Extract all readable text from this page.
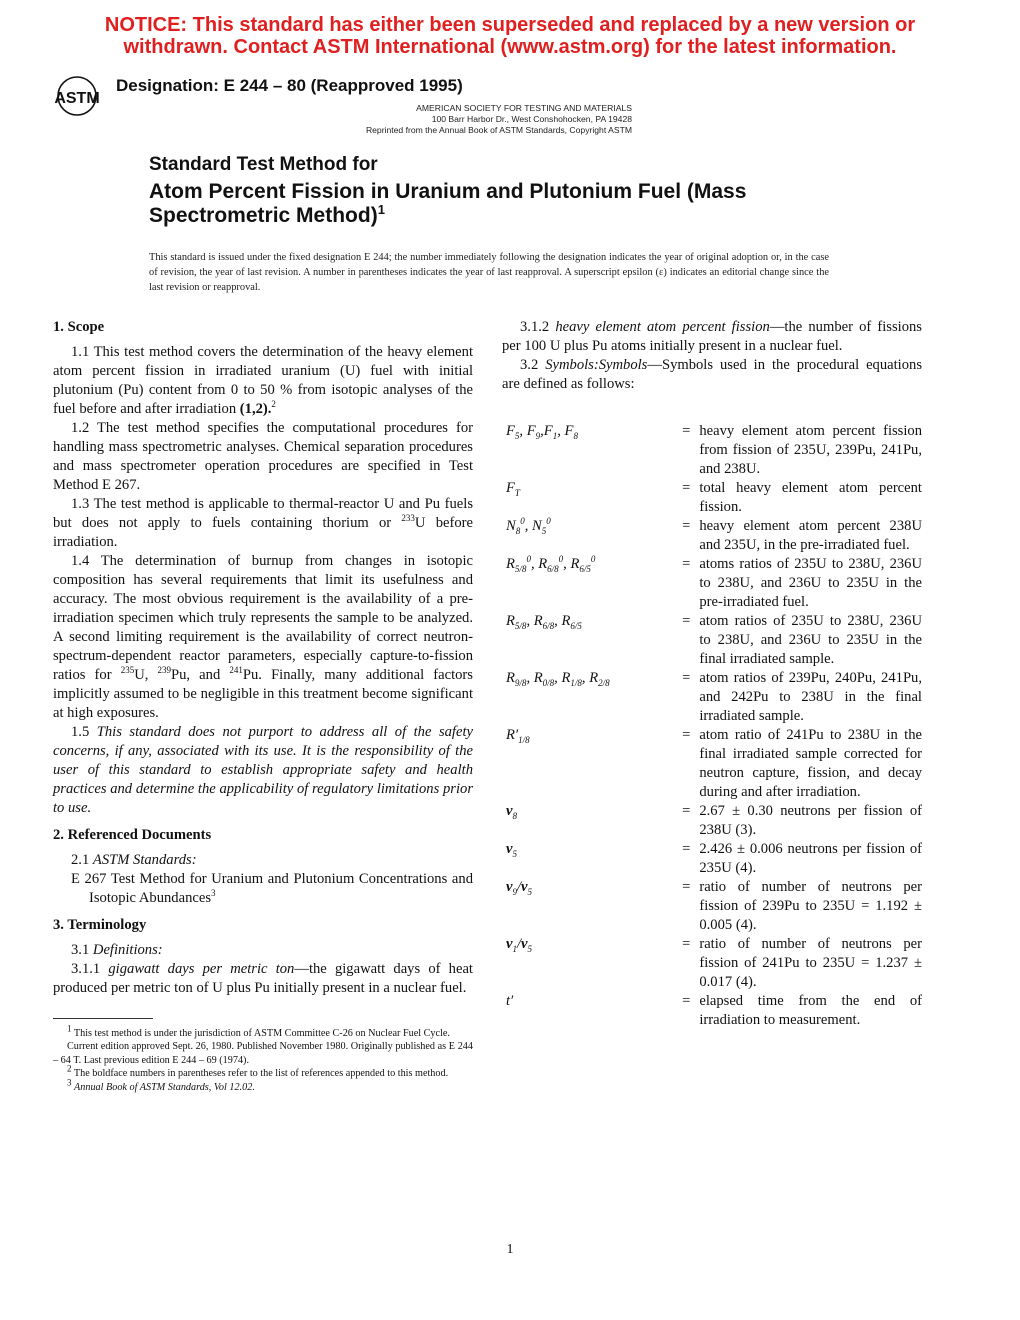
NOTICE: This standard has either been superseded and replaced by a new version or
withdrawn. Contact ASTM International (www.astm.org) for the latest information.
ASTM
Designation: E 244 – 80 (Reapproved 1995)
AMERICAN SOCIETY FOR TESTING AND MATERIALS
100 Barr Harbor Dr., West Conshohocken, PA 19428
Reprinted from the Annual Book of ASTM Standards, Copyright ASTM
Standard Test Method for
Atom Percent Fission in Uranium and Plutonium Fuel (Mass Spectrometric Method)$^1$
This standard is issued under the fixed designation E 244; the number immediately following the designation indicates the year of original adoption or, in the case of revision, the year of last revision. A number in parentheses indicates the year of last reapproval. A superscript epsilon (ε) indicates an editorial change since the last revision or reapproval.
1. Scope

1.1 This test method covers the determination of the heavy element atom percent fission in irradiated uranium (U) fuel with initial plutonium (Pu) content from 0 to 50 % from isotopic analyses of the fuel before and after irradiation (1,2).$^2$

1.2 The test method specifies the computational procedures for handling mass spectrometric analyses. Chemical separation procedures and mass spectrometer operation procedures are specified in Test Method E 267.

1.3 The test method is applicable to thermal-reactor U and Pu fuels but does not apply to fuels containing thorium or $^{233}$U before irradiation.

1.4 The determination of burnup from changes in isotopic composition has several requirements that limit its usefulness and accuracy. The most obvious requirement is the availability of a pre-irradiation specimen which truly represents the sample to be analyzed. A second limiting requirement is the availability of correct neutron-spectrum-dependent reactor parameters, especially capture-to-fission ratios for $^{235}$U, $^{239}$Pu, and $^{241}$Pu. Finally, many additional factors implicitly assumed to be negligible in this treatment become significant at high exposures.

1.5 This standard does not purport to address all of the safety concerns, if any, associated with its use. It is the responsibility of the user of this standard to establish appropriate safety and health practices and determine the applicability of regulatory limitations prior to use.

2. Referenced Documents

2.1 ASTM Standards:

E 267 Test Method for Uranium and Plutonium Concentrations and Isotopic Abundances$^3$

3. Terminology

3.1 Definitions:

3.1.1 gigawatt days per metric ton—the gigawatt days of heat produced per metric ton of U plus Pu initially present in a nuclear fuel.

$^1$ This test method is under the jurisdiction of ASTM Committee C-26 on Nuclear Fuel Cycle.

Current edition approved Sept. 26, 1980. Published November 1980. Originally published as E 244 – 64 T. Last previous edition E 244 – 69 (1974).

$^2$ The boldface numbers in parentheses refer to the list of references appended to this method.

$^3$ Annual Book of ASTM Standards, Vol 12.02.

3.1.2 heavy element atom percent fission—the number of fissions per 100 U plus Pu atoms initially present in a nuclear fuel.

3.2 Symbols:Symbols—Symbols used in the procedural equations are defined as follows:

$F_5$, $F_9,F_1$, $F_8$	=	heavy element atom percent fission from fission of 235U, 239Pu, 241Pu, and 238U.
$F_T$	=	total heavy element atom percent fission.
$N_8^0$, $N_5^0$	=	heavy element atom percent 238U and 235U, in the pre-irradiated fuel.
$R_{5/8}^0$, $R_{6/8}^0$, $R_{6/5}^0$	=	atoms ratios of 235U to 238U, 236U to 238U, and 236U to 235U in the pre-irradiated fuel.
$R_{5/8}$, $R_{6/8}$, $R_{6/5}$	=	atom ratios of 235U to 238U, 236U to 238U, and 236U to 235U in the final irradiated sample.
$R_{9/8}$, $R_{0/8}$, $R_{1/8}$, $R_{2/8}$	=	atom ratios of 239Pu, 240Pu, 241Pu, and 242Pu to 238U in the final irradiated sample.
$R'_{1/8}$	=	atom ratio of 241Pu to 238U in the final irradiated sample corrected for neutron capture, fission, and decay during and after irradiation.
$\nu_8$	=	2.67 ± 0.30 neutrons per fission of 238U (3).
$\nu_5$	=	2.426 ± 0.006 neutrons per fission of 235U (4).
$\nu_9/\nu_5$	=	ratio of number of neutrons per fission of 239Pu to 235U = 1.192 ± 0.005 (4).
$\nu_1/\nu_5$	=	ratio of number of neutrons per fission of 241Pu to 235U = 1.237 ± 0.017 (4).
t′	=	elapsed time from the end of irradiation to measurement.
1
